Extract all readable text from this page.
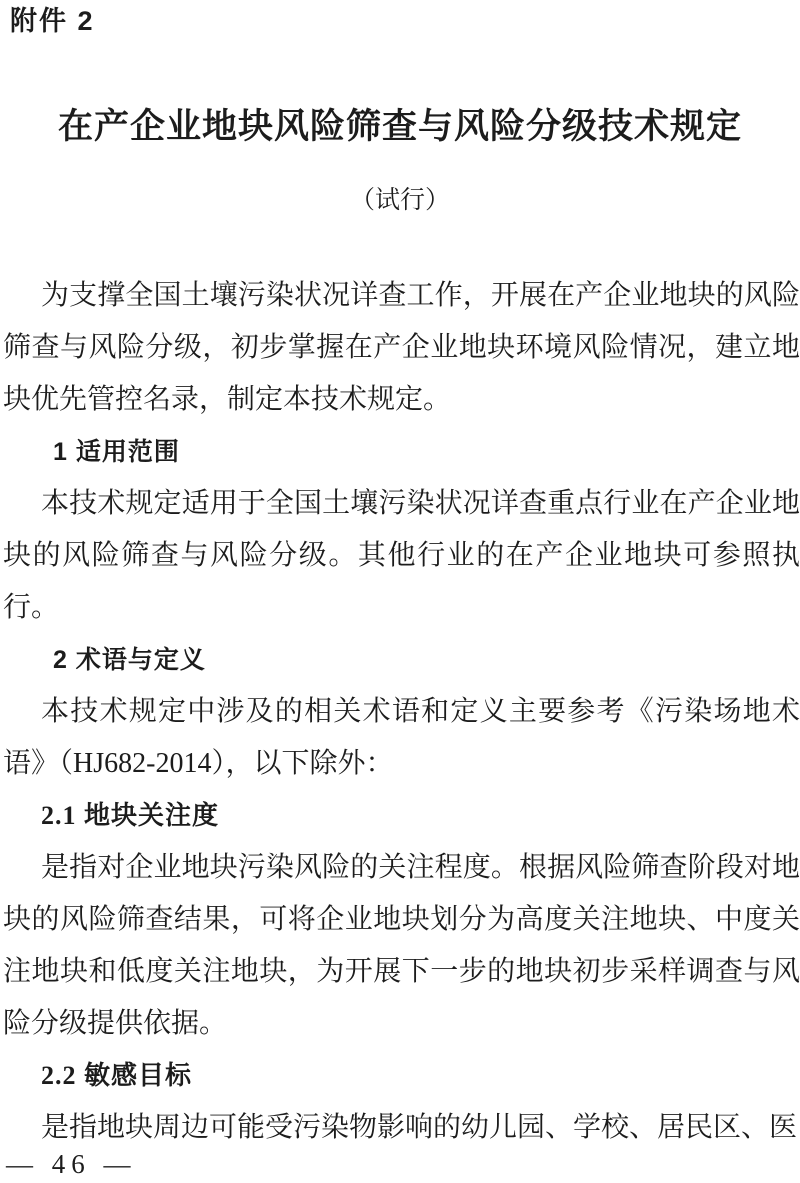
附件 2
在产企业地块风险筛查与风险分级技术规定
（试行）

为支撑全国土壤污染状况详查工作，开展在产企业地块的风险筛查与风险分级，初步掌握在产企业地块环境风险情况，建立地块优先管控名录，制定本技术规定。

1 适用范围

本技术规定适用于全国土壤污染状况详查重点行业在产企业地块的风险筛查与风险分级。其他行业的在产企业地块可参照执行。

2 术语与定义

本技术规定中涉及的相关术语和定义主要参考《污染场地术语》（HJ682-2014），以下除外：

2.1 地块关注度

是指对企业地块污染风险的关注程度。根据风险筛查阶段对地块的风险筛查结果，可将企业地块划分为高度关注地块、中度关注地块和低度关注地块，为开展下一步的地块初步采样调查与风险分级提供依据。

2.2 敏感目标

是指地块周边可能受污染物影响的幼儿园、学校、居民区、医

— 46 —
